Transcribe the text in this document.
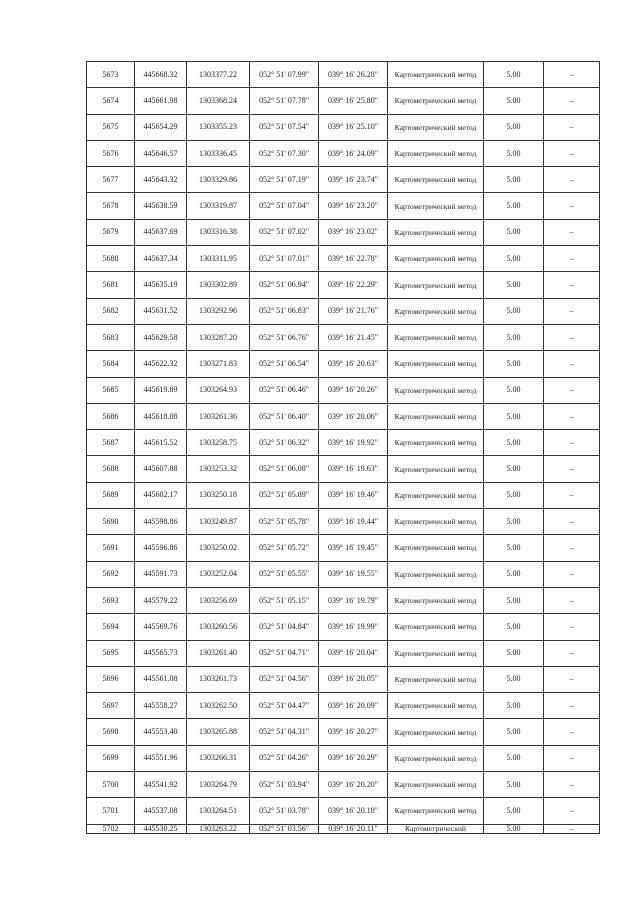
5673	445668.32	1303377.22	052° 51' 07.99"	039° 16' 26.28"	Картометрический метод	5.00	–
5674	445661.98	1303368.24	052° 51' 07.78"	039° 16' 25.80"	Картометрический метод	5.00	–
5675	445654.29	1303355.23	052° 51' 07.54"	039° 16' 25.10"	Картометрический метод	5.00	–
5676	445646.57	1303336.45	052° 51' 07.30"	039° 16' 24.09"	Картометрический метод	5.00	–
5677	445643.32	1303329.86	052° 51' 07.19"	039° 16' 23.74"	Картометрический метод	5.00	–
5678	445638.59	1303319.87	052° 51' 07.04"	039° 16' 23.20"	Картометрический метод	5.00	–
5679	445637.69	1303316.38	052° 51' 07.02"	039° 16' 23.02"	Картометрический метод	5.00	–
5680	445637.34	1303311.95	052° 51' 07.01"	039° 16' 22.78"	Картометрический метод	5.00	–
5681	445635.19	1303302.89	052° 51' 06.94"	039° 16' 22.29"	Картометрический метод	5.00	–
5682	445631.52	1303292.96	052° 51' 06.83"	039° 16' 21.76"	Картометрический метод	5.00	–
5683	445629.58	1303287.20	052° 51' 06.76"	039° 16' 21.45"	Картометрический метод	5.00	–
5684	445622.32	1303271.83	052° 51' 06.54"	039° 16' 20.63"	Картометрический метод	5.00	–
5685	445619.89	1303264.93	052° 51' 06.46"	039° 16' 20.26"	Картометрический метод	5.00	–
5686	445618.08	1303261.36	052° 51' 06.40"	039° 16' 20.06"	Картометрический метод	5.00	–
5687	445615.52	1303258.75	052° 51' 06.32"	039° 16' 19.92"	Картометрический метод	5.00	–
5688	445607.88	1303253.32	052° 51' 06.08"	039° 16' 19.63"	Картометрический метод	5.00	–
5689	445602.17	1303250.18	052° 51' 05.89"	039° 16' 19.46"	Картометрический метод	5.00	–
5690	445598.86	1303249.87	052° 51' 05.78"	039° 16' 19.44"	Картометрический метод	5.00	–
5691	445596.86	1303250.02	052° 51' 05.72"	039° 16' 19.45"	Картометрический метод	5.00	–
5692	445591.73	1303252.04	052° 51' 05.55"	039° 16' 19.55"	Картометрический метод	5.00	–
5693	445579.22	1303256.69	052° 51' 05.15"	039° 16' 19.79"	Картометрический метод	5.00	–
5694	445569.76	1303260.56	052° 51' 04.84"	039° 16' 19.99"	Картометрический метод	5.00	–
5695	445565.73	1303261.40	052° 51' 04.71"	039° 16' 20.04"	Картометрический метод	5.00	–
5696	445561.08	1303261.73	052° 51' 04.56"	039° 16' 20.05"	Картометрический метод	5.00	–
5697	445558.27	1303262.50	052° 51' 04.47"	039° 16' 20.09"	Картометрический метод	5.00	–
5698	445553.40	1303265.88	052° 51' 04.31"	039° 16' 20.27"	Картометрический метод	5.00	–
5699	445551.96	1303266.31	052° 51' 04.26"	039° 16' 20.29"	Картометрический метод	5.00	–
5700	445541.92	1303264.79	052° 51' 03.94"	039° 16' 20.20"	Картометрический метод	5.00	–
5701	445537.08	1303264.51	052° 51' 03.78"	039° 16' 20.18"	Картометрический метод	5.00	–
5702	445530.25	1303263.22	052° 51' 03.56"	039° 16' 20.11"	Картометрический	5.00	–
